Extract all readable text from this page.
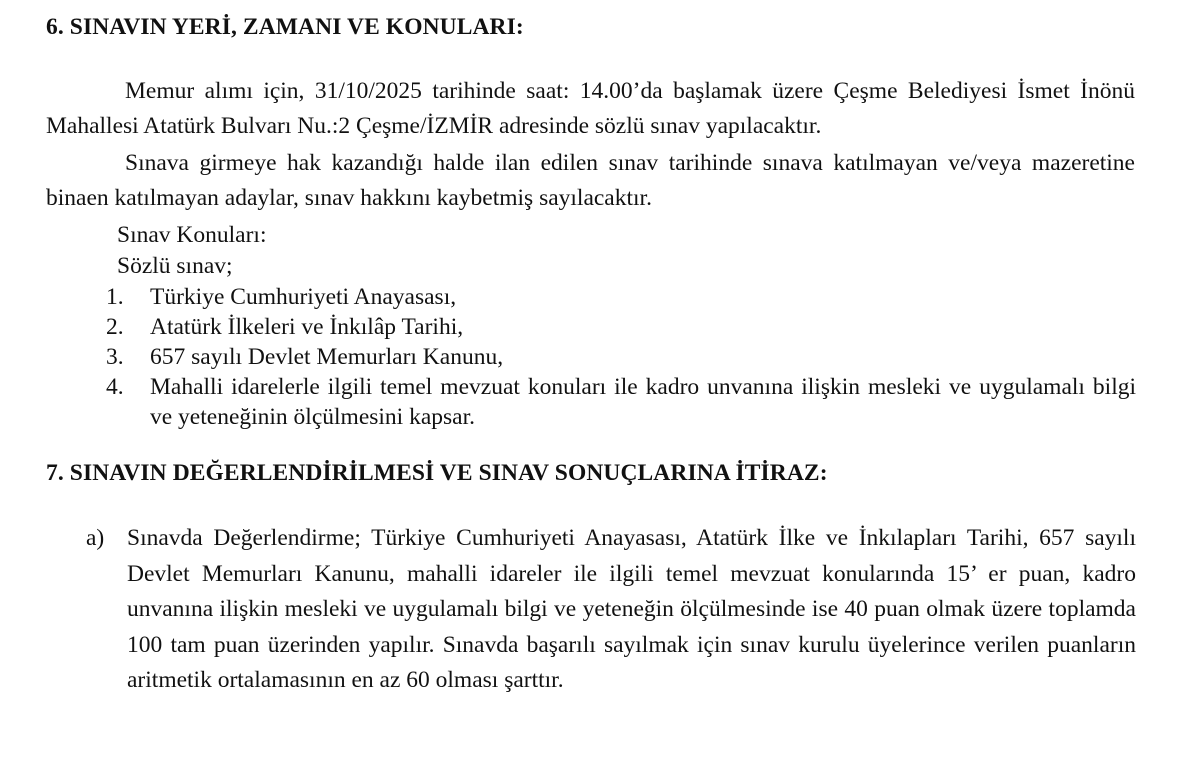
6. SINAVIN YERİ, ZAMANI VE KONULARI:

Memur alımı için, 31/10/2025 tarihinde saat: 14.00’da başlamak üzere Çeşme Belediyesi İsmet İnönü Mahallesi Atatürk Bulvarı Nu.:2 Çeşme/İZMİR adresinde sözlü sınav yapılacaktır.

Sınava girmeye hak kazandığı halde ilan edilen sınav tarihinde sınava katılmayan ve/veya mazeretine binaen katılmayan adaylar, sınav hakkını kaybetmiş sayılacaktır.

Sınav Konuları:

Sözlü sınav;

1. Türkiye Cumhuriyeti Anayasası,
2. Atatürk İlkeleri ve İnkılâp Tarihi,
3. 657 sayılı Devlet Memurları Kanunu,
4. Mahalli idarelerle ilgili temel mevzuat konuları ile kadro unvanına ilişkin mesleki ve uygulamalı bilgi ve yeteneğinin ölçülmesini kapsar.
7. SINAVIN DEĞERLENDİRİLMESİ VE SINAV SONUÇLARINA İTİRAZ:
a) Sınavda Değerlendirme; Türkiye Cumhuriyeti Anayasası, Atatürk İlke ve İnkılapları Tarihi, 657 sayılı Devlet Memurları Kanunu, mahalli idareler ile ilgili temel mevzuat konularında 15’ er puan, kadro unvanına ilişkin mesleki ve uygulamalı bilgi ve yeteneğin ölçülmesinde ise 40 puan olmak üzere toplamda 100 tam puan üzerinden yapılır. Sınavda başarılı sayılmak için sınav kurulu üyelerince verilen puanların aritmetik ortalamasının en az 60 olması şarttır.
